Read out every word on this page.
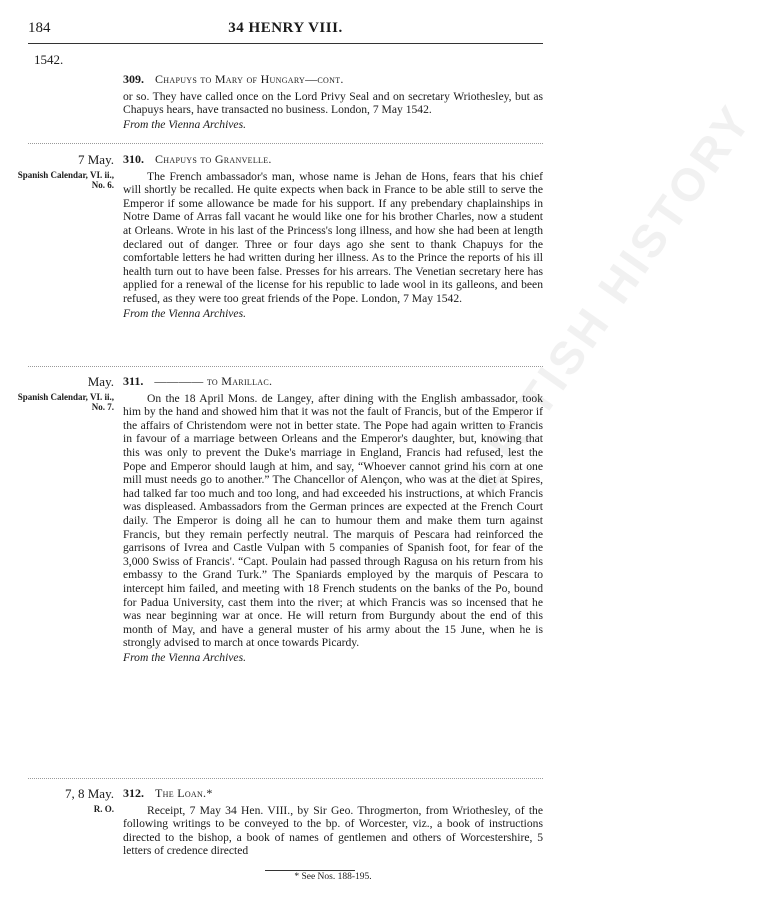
BRITISH HISTORY
184	34 HENRY VIII.
1542.
309. Chapuys to Mary of Hungary—cont.

or so. They have called once on the Lord Privy Seal and on secretary Wriothesley, but as Chapuys hears, have transacted no business. London, 7 May 1542.

From the Vienna Archives.

7 May.
Spanish Calendar, VI. ii., No. 6.
310. Chapuys to Granvelle.

The French ambassador's man, whose name is Jehan de Hons, fears that his chief will shortly be recalled. He quite expects when back in France to be able still to serve the Emperor if some allowance be made for his support. If any prebendary chaplainships in Notre Dame of Arras fall vacant he would like one for his brother Charles, now a student at Orleans. Wrote in his last of the Princess's long illness, and how she had been at length declared out of danger. Three or four days ago she sent to thank Chapuys for the comfortable letters he had written during her illness. As to the Prince the reports of his ill health turn out to have been false. Presses for his arrears. The Venetian secretary here has applied for a renewal of the license for his republic to lade wool in its galleons, and been refused, as they were too great friends of the Pope. London, 7 May 1542.

From the Vienna Archives.

May.
Spanish Calendar, VI. ii., No. 7.
311. ———— to Marillac.

On the 18 April Mons. de Langey, after dining with the English ambassador, took him by the hand and showed him that it was not the fault of Francis, but of the Emperor if the affairs of Christendom were not in better state. The Pope had again written to Francis in favour of a marriage between Orleans and the Emperor's daughter, but, knowing that this was only to prevent the Duke's marriage in England, Francis had refused, lest the Pope and Emperor should laugh at him, and say, “Whoever cannot grind his corn at one mill must needs go to another.” The Chancellor of Alençon, who was at the diet at Spires, had talked far too much and too long, and had exceeded his instructions, at which Francis was displeased. Ambassadors from the German princes are expected at the French Court daily. The Emperor is doing all he can to humour them and make them turn against Francis, but they remain perfectly neutral. The marquis of Pescara had reinforced the garrisons of Ivrea and Castle Vulpan with 5 companies of Spanish foot, for fear of the 3,000 Swiss of Francis'. “Capt. Poulain had passed through Ragusa on his return from his embassy to the Grand Turk.” The Spaniards employed by the marquis of Pescara to intercept him failed, and meeting with 18 French students on the banks of the Po, bound for Padua University, cast them into the river; at which Francis was so incensed that he was near beginning war at once. He will return from Burgundy about the end of this month of May, and have a general muster of his army about the 15 June, when he is strongly advised to march at once towards Picardy.

From the Vienna Archives.

7, 8 May.
R. O.
312. The Loan.*

Receipt, 7 May 34 Hen. VIII., by Sir Geo. Throgmerton, from Wriothesley, of the following writings to be conveyed to the bp. of Worcester, viz., a book of instructions directed to the bishop, a book of names of gentlemen and others of Worcestershire, 5 letters of credence directed

* See Nos. 188-195.
